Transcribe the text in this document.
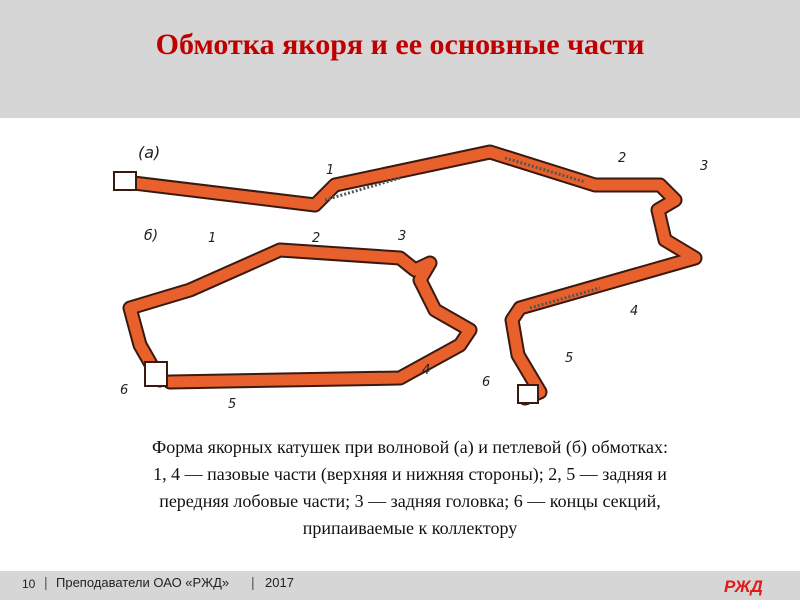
Обмотка якоря и ее основные части
(а)
1
2
3
4
5
6
б)	1	2	3
4
5
6
Форма якорных катушек при волновой (а) и петлевой (б) обмотках:
1, 4 — пазовые части (верхняя и нижняя стороны); 2, 5 — задняя и
передняя лобовые части; 3 — задняя головка; 6 — концы секций,
припаиваемые к коллектору
10 | Преподаватели ОАО «РЖД» | 2017	РЖД
